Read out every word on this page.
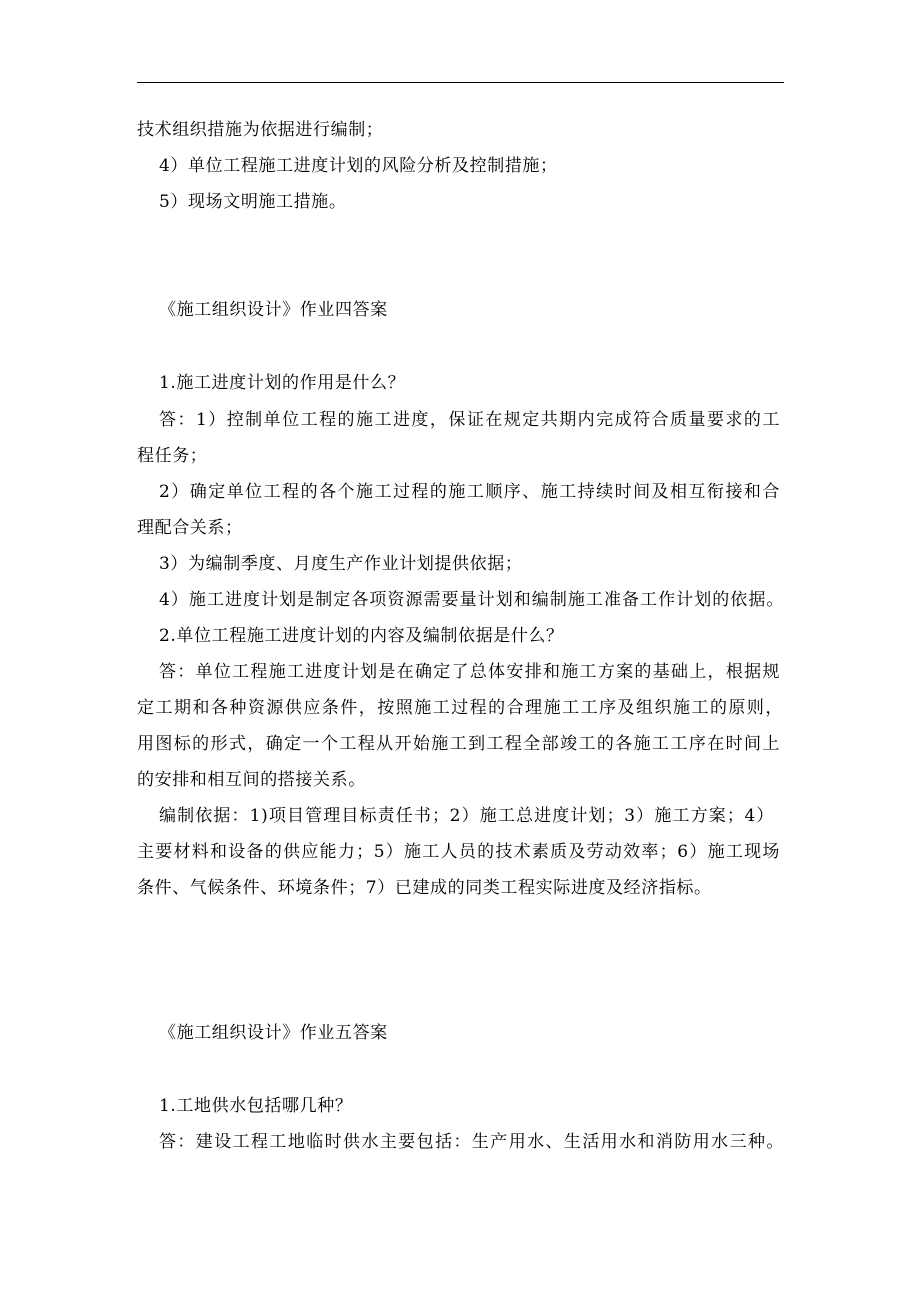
技术组织措施为依据进行编制；
4）单位工程施工进度计划的风险分析及控制措施；
5）现场文明施工措施。
《施工组织设计》作业四答案
1.施工进度计划的作用是什么？
答：1）控制单位工程的施工进度，保证在规定共期内完成符合质量要求的工
程任务；
2）确定单位工程的各个施工过程的施工顺序、施工持续时间及相互衔接和合
理配合关系；
3）为编制季度、月度生产作业计划提供依据；
4）施工进度计划是制定各项资源需要量计划和编制施工准备工作计划的依据。
2.单位工程施工进度计划的内容及编制依据是什么？
答：单位工程施工进度计划是在确定了总体安排和施工方案的基础上，根据规
定工期和各种资源供应条件，按照施工过程的合理施工工序及组织施工的原则，
用图标的形式，确定一个工程从开始施工到工程全部竣工的各施工工序在时间上
的安排和相互间的搭接关系。
编制依据：1)项目管理目标责任书；2）施工总进度计划；3）施工方案；4）
主要材料和设备的供应能力；5）施工人员的技术素质及劳动效率；6）施工现场
条件、气候条件、环境条件；7）已建成的同类工程实际进度及经济指标。
《施工组织设计》作业五答案
1.工地供水包括哪几种？
答：建设工程工地临时供水主要包括：生产用水、生活用水和消防用水三种。
